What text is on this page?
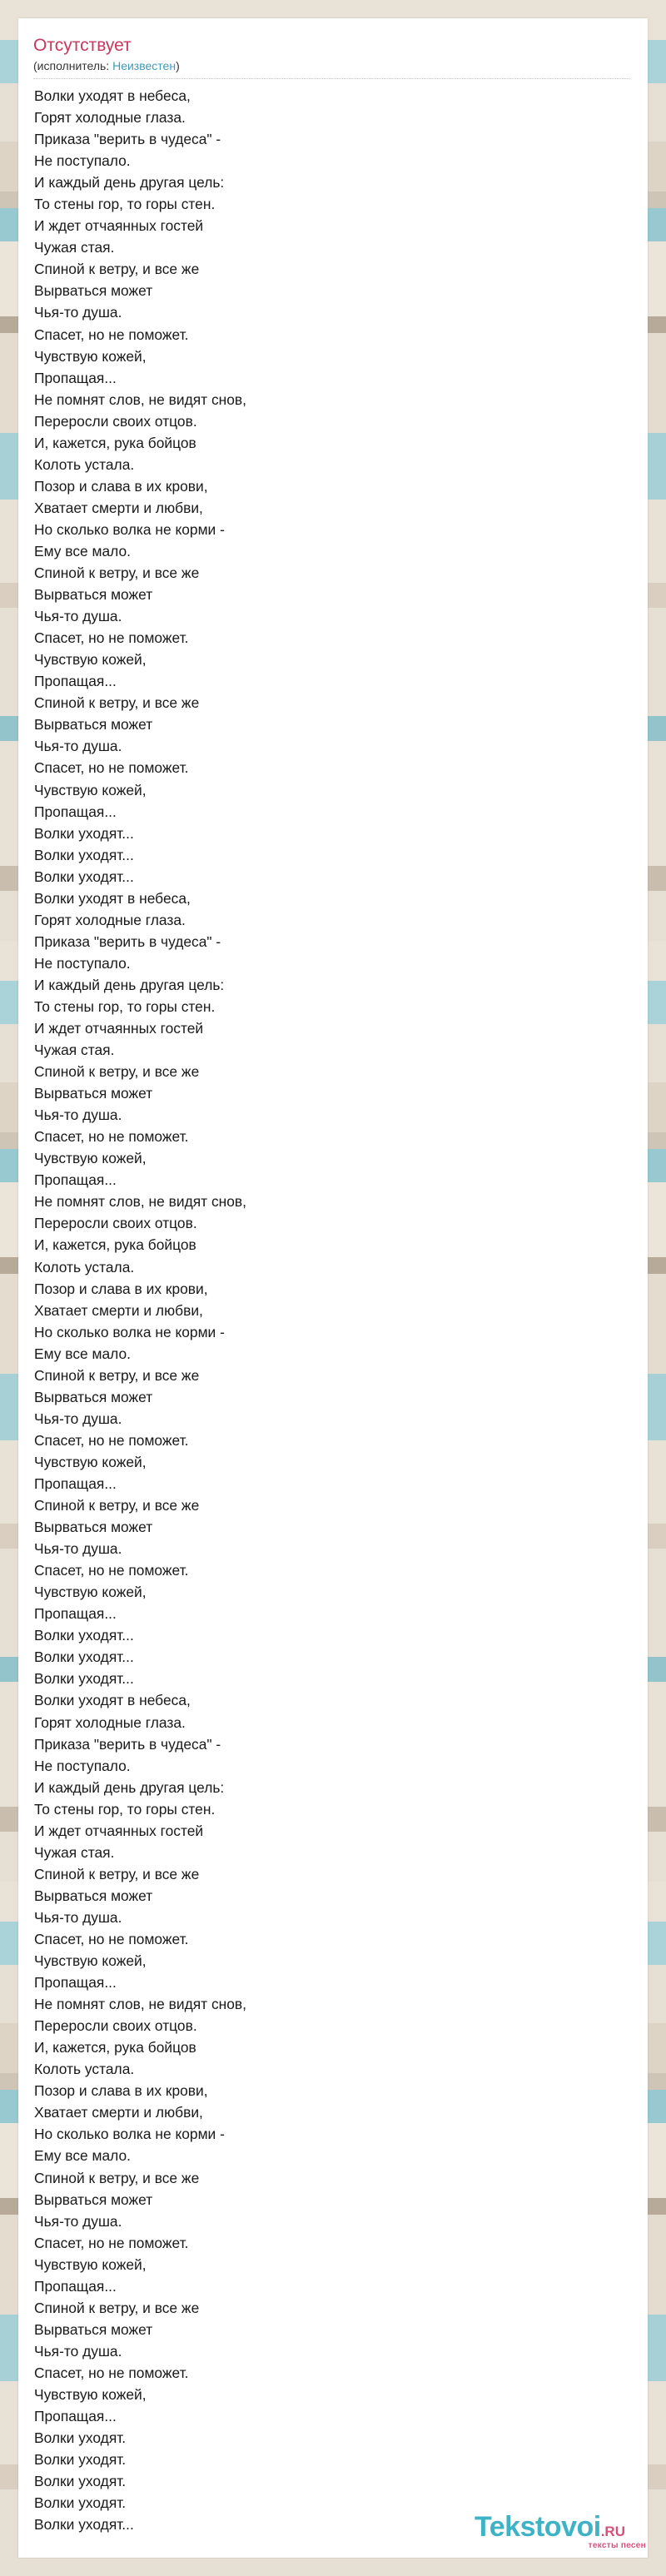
Отсутствует
(исполнитель: Неизвестен)
Волки уходят в небеса,
Горят холодные глаза.
Приказа "верить в чудеса" -
Не поступало.
И каждый день другая цель:
То стены гор, то горы стен.
И ждет отчаянных гостей
Чужая стая.
Спиной к ветру, и все же
Вырваться может
Чья-то душа.
Спасет, но не поможет.
Чувствую кожей,
Пропащая...
Не помнят слов, не видят снов,
Переросли своих отцов.
И, кажется, рука бойцов
Колоть устала.
Позор и слава в их крови,
Хватает смерти и любви,
Но сколько волка не корми -
Ему все мало.
Спиной к ветру, и все же
Вырваться может
Чья-то душа.
Спасет, но не поможет.
Чувствую кожей,
Пропащая...
Спиной к ветру, и все же
Вырваться может
Чья-то душа.
Спасет, но не поможет.
Чувствую кожей,
Пропащая...
Волки уходят...
Волки уходят...
Волки уходят...
Волки уходят в небеса,
Горят холодные глаза.
Приказа "верить в чудеса" -
Не поступало.
И каждый день другая цель:
То стены гор, то горы стен.
И ждет отчаянных гостей
Чужая стая.
Спиной к ветру, и все же
Вырваться может
Чья-то душа.
Спасет, но не поможет.
Чувствую кожей,
Пропащая...
Не помнят слов, не видят снов,
Переросли своих отцов.
И, кажется, рука бойцов
Колоть устала.
Позор и слава в их крови,
Хватает смерти и любви,
Но сколько волка не корми -
Ему все мало.
Спиной к ветру, и все же
Вырваться может
Чья-то душа.
Спасет, но не поможет.
Чувствую кожей,
Пропащая...
Спиной к ветру, и все же
Вырваться может
Чья-то душа.
Спасет, но не поможет.
Чувствую кожей,
Пропащая...
Волки уходят...
Волки уходят...
Волки уходят...
Волки уходят в небеса,
Горят холодные глаза.
Приказа "верить в чудеса" -
Не поступало.
И каждый день другая цель:
То стены гор, то горы стен.
И ждет отчаянных гостей
Чужая стая.
Спиной к ветру, и все же
Вырваться может
Чья-то душа.
Спасет, но не поможет.
Чувствую кожей,
Пропащая...
Не помнят слов, не видят снов,
Переросли своих отцов.
И, кажется, рука бойцов
Колоть устала.
Позор и слава в их крови,
Хватает смерти и любви,
Но сколько волка не корми -
Ему все мало.
Спиной к ветру, и все же
Вырваться может
Чья-то душа.
Спасет, но не поможет.
Чувствую кожей,
Пропащая...
Спиной к ветру, и все же
Вырваться может
Чья-то душа.
Спасет, но не поможет.
Чувствую кожей,
Пропащая...
Волки уходят.
Волки уходят.
Волки уходят.
Волки уходят.
Волки уходят...	Tekstovoi.RU
тексты песен
